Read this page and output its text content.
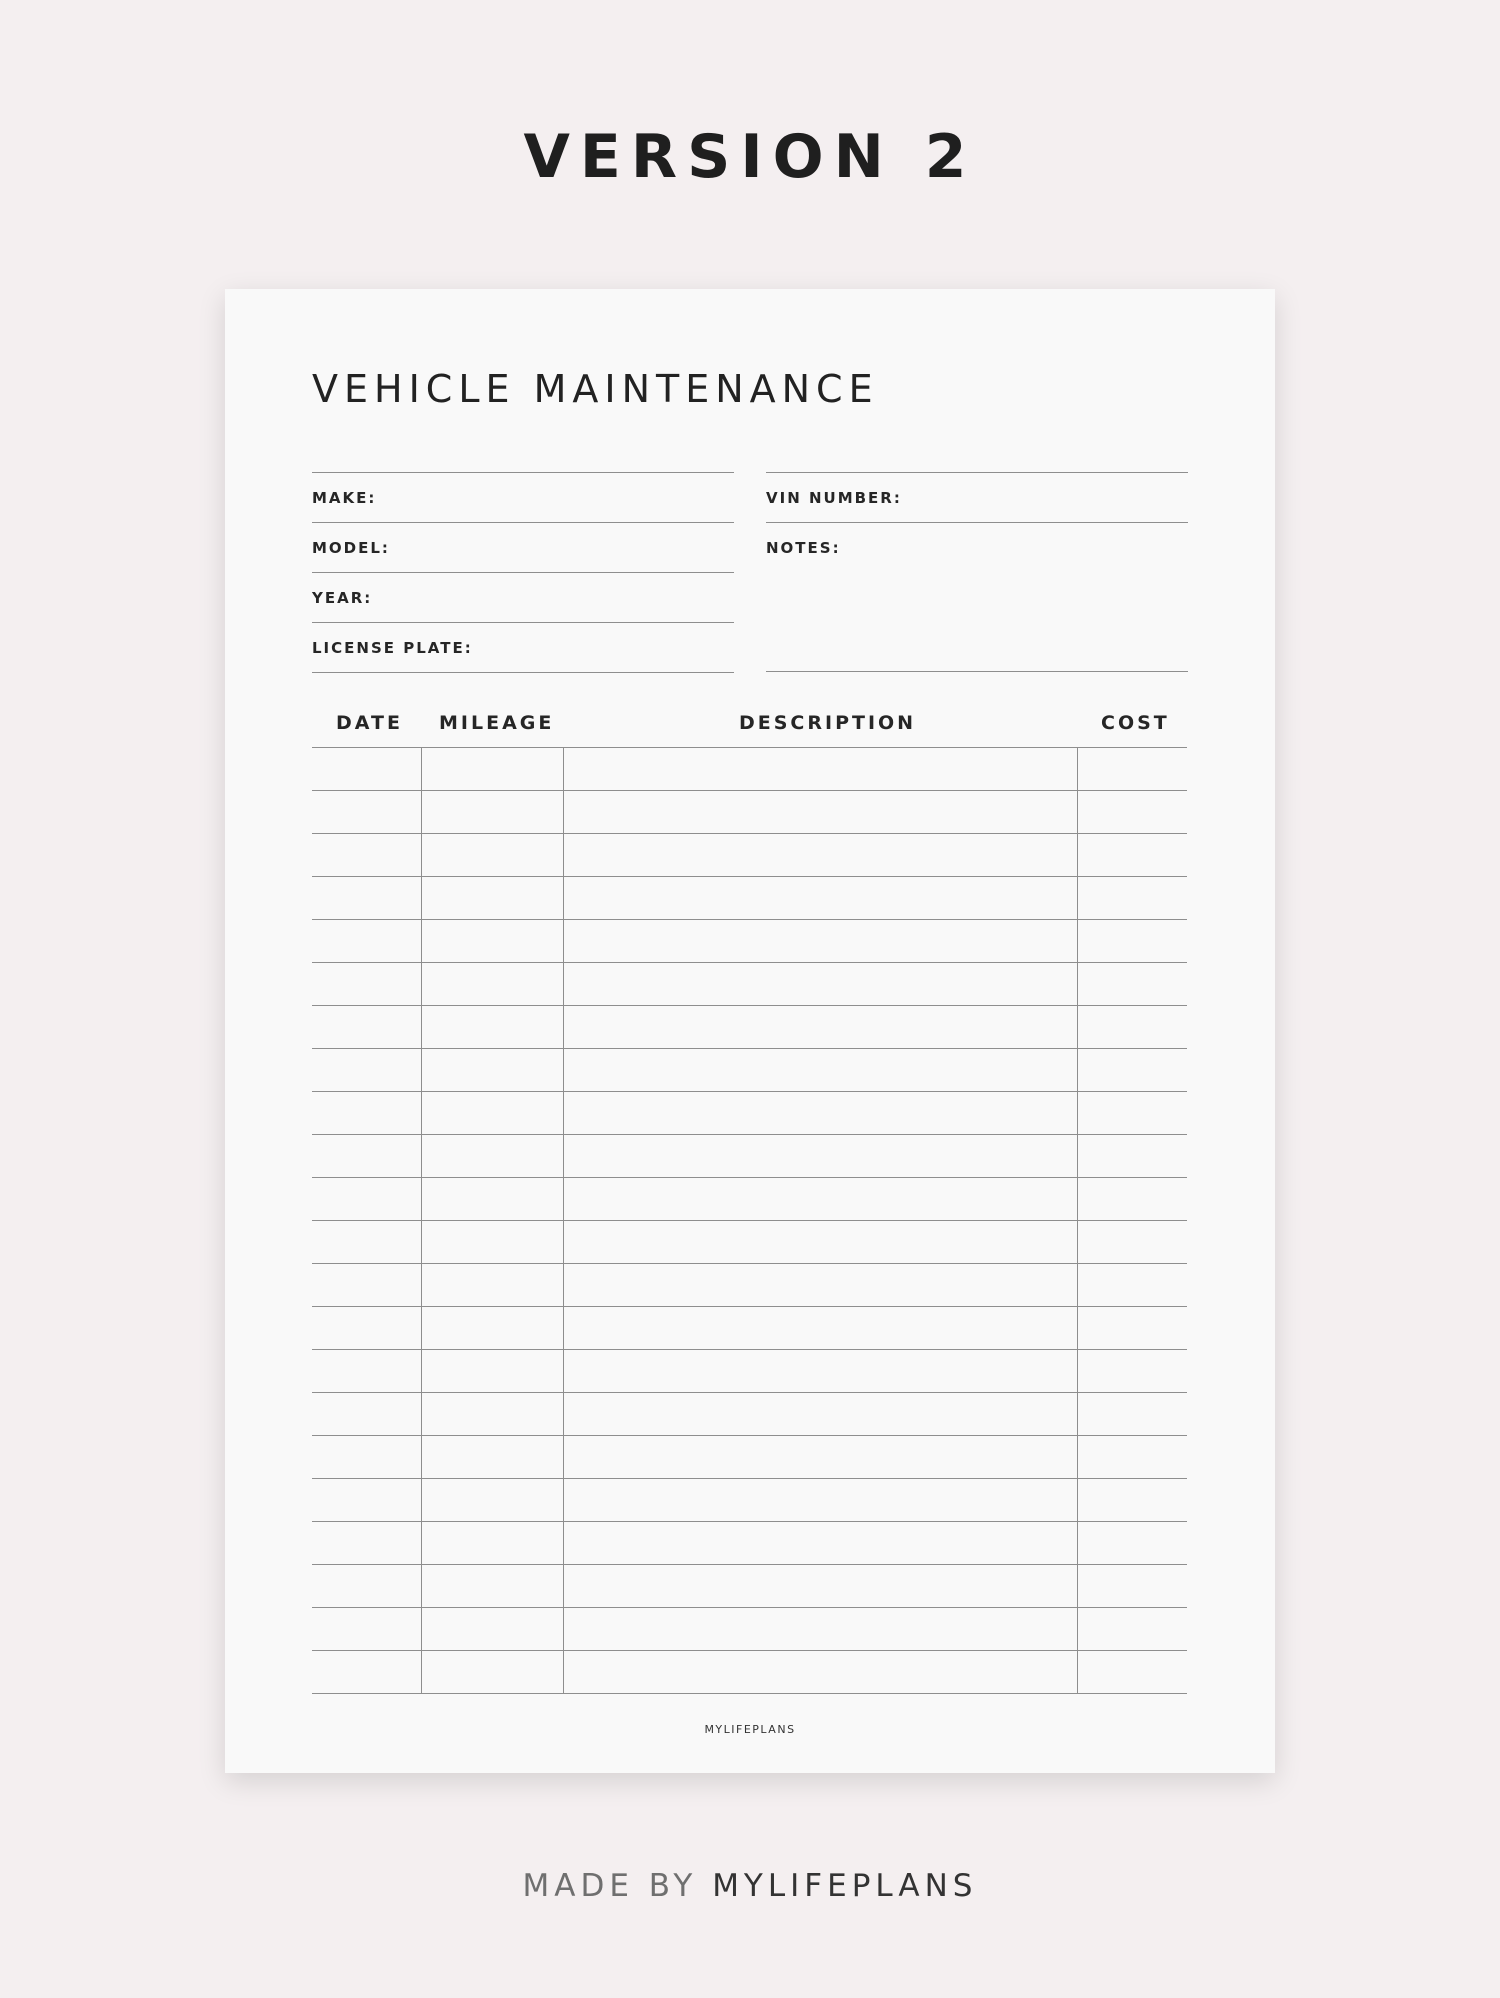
VERSION 2
VEHICLE MAINTENANCE
MAKE:
MODEL:
YEAR:
LICENSE PLATE:
VIN NUMBER:
NOTES:
DATE MILEAGE	DESCRIPTION	COST
MYLIFEPLANS
MADE BY MYLIFEPLANS
